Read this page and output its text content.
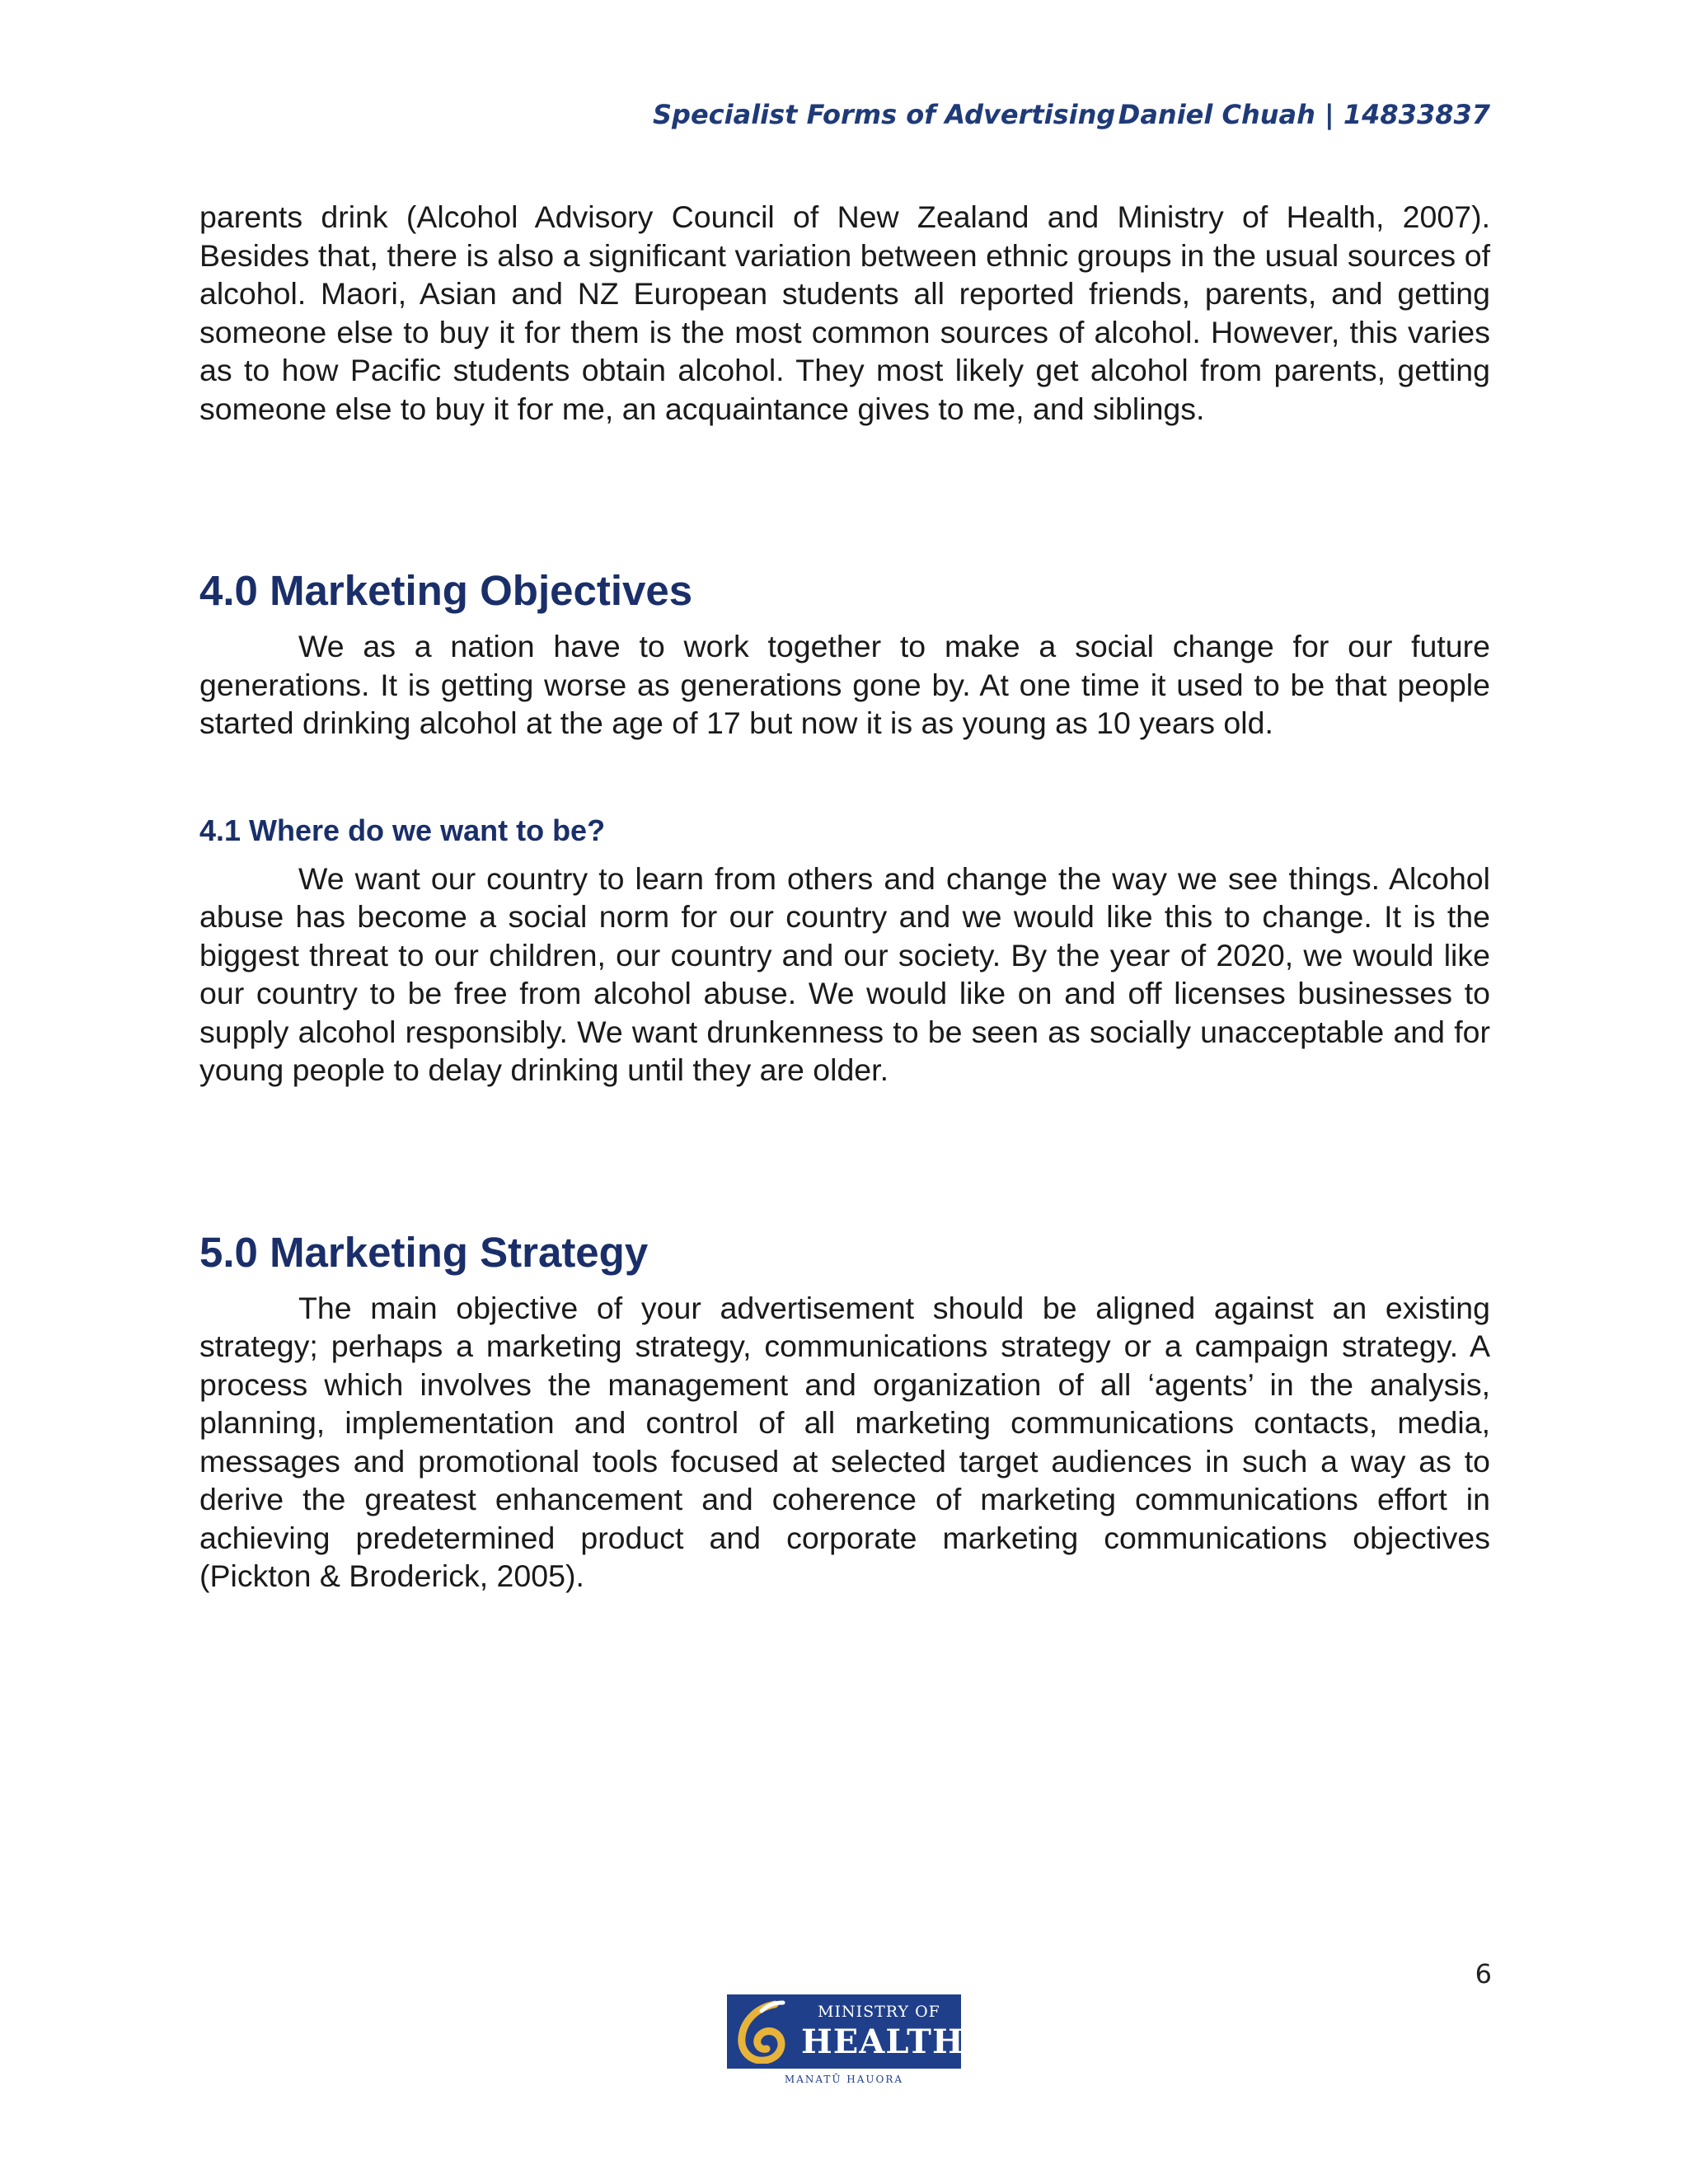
Specialist Forms of Advertising Daniel Chuah | 14833837

parents drink (Alcohol Advisory Council of New Zealand and Ministry of Health, 2007). Besides that, there is also a significant variation between ethnic groups in the usual sources of alcohol. Maori, Asian and NZ European students all reported friends, parents, and getting someone else to buy it for them is the most common sources of alcohol. However, this varies as to how Pacific students obtain alcohol. They most likely get alcohol from parents, getting someone else to buy it for me, an acquaintance gives to me, and siblings.

4.0 Marketing Objectives

We as a nation have to work together to make a social change for our future generations. It is getting worse as generations gone by. At one time it used to be that people started drinking alcohol at the age of 17 but now it is as young as 10 years old.

4.1 Where do we want to be?

We want our country to learn from others and change the way we see things. Alcohol abuse has become a social norm for our country and we would like this to change. It is the biggest threat to our children, our country and our society. By the year of 2020, we would like our country to be free from alcohol abuse. We would like on and off licenses businesses to supply alcohol responsibly. We want drunkenness to be seen as socially unacceptable and for young people to delay drinking until they are older.

5.0 Marketing Strategy

The main objective of your advertisement should be aligned against an existing strategy; perhaps a marketing strategy, communications strategy or a campaign strategy. A process which involves the management and organization of all ‘agents’ in the analysis, planning, implementation and control of all marketing communications contacts, media, messages and promotional tools focused at selected target audiences in such a way as to derive the greatest enhancement and coherence of marketing communications effort in achieving predetermined product and corporate marketing communications objectives (Pickton & Broderick, 2005).

6
MINISTRY OF
HEALTH
MANATŪ HAUORA
